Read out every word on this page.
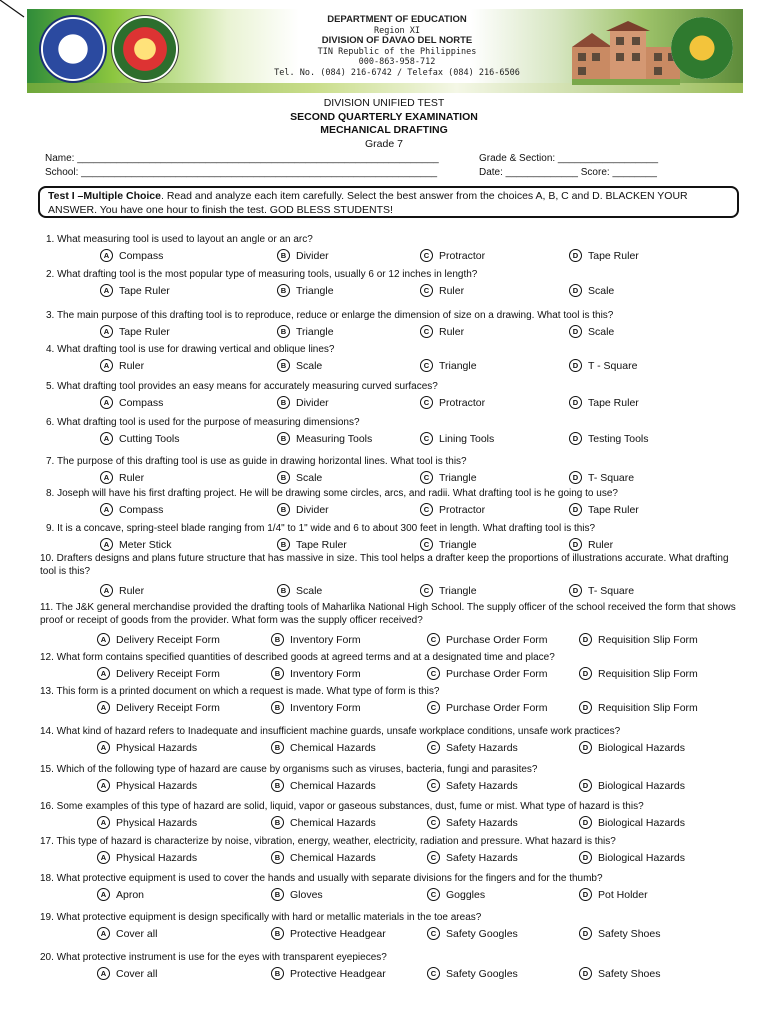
DEPARTMENT OF EDUCATION
Region XI
DIVISION OF DAVAO DEL NORTE
TIN Republic of the Philippines
000-863-958-712
Tel. No. (084) 216-6742 / Telefax (084) 216-6506
DIVISION UNIFIED TEST
SECOND QUARTERLY EXAMINATION
MECHANICAL DRAFTING
Grade 7
Name: _________________________________________________________________
School: ________________________________________________________________
Grade & Section: __________________
Date: _____________ Score: ________
Test I –Multiple Choice. Read and analyze each item carefully. Select the best answer from the choices A, B, C and D. BLACKEN YOUR ANSWER. You have one hour to finish the test. GOD BLESS STUDENTS!
1. What measuring tool is used to layout an angle or an arc?
A Compass	B Divider	C Protractor	D Tape Ruler
2. What drafting tool is the most popular type of measuring tools, usually 6 or 12 inches in length?
A Tape Ruler	B Triangle	C Ruler	D Scale
3. The main purpose of this drafting tool is to reproduce, reduce or enlarge the dimension of size on a drawing. What tool is this?
A Tape Ruler	B Triangle	C Ruler	D Scale
4. What drafting tool is use for drawing vertical and oblique lines?
A Ruler	B Scale	C Triangle	D T - Square
5. What drafting tool provides an easy means for accurately measuring curved surfaces?
A Compass	B Divider	C Protractor	D Tape Ruler
6. What drafting tool is used for the purpose of measuring dimensions?
A Cutting Tools	B Measuring Tools	C Lining Tools	D Testing Tools
7. The purpose of this drafting tool is use as guide in drawing horizontal lines. What tool is this?
A Ruler	B Scale	C Triangle	D T- Square
8. Joseph will have his first drafting project. He will be drawing some circles, arcs, and radii. What drafting tool is he going to use?
A Compass	B Divider	C Protractor	D Tape Ruler
9. It is a concave, spring-steel blade ranging from 1/4" to 1" wide and 6 to about 300 feet in length. What drafting tool is this?
A Meter Stick	B Tape Ruler	C Triangle	D Ruler
10. Drafters designs and plans future structure that has massive in size. This tool helps a drafter keep the proportions of illustrations accurate. What drafting tool is this?
A Ruler	B Scale	C Triangle	D T- Square
11. The J&K general merchandise provided the drafting tools of Maharlika National High School. The supply officer of the school received the form that shows proof or receipt of goods from the provider. What form was the supply officer received?
A Delivery Receipt Form	B Inventory Form	C Purchase Order Form	D Requisition Slip Form
12. What form contains specified quantities of described goods at agreed terms and at a designated time and place?
A Delivery Receipt Form	B Inventory Form	C Purchase Order Form	D Requisition Slip Form
13. This form is a printed document on which a request is made. What type of form is this?
A Delivery Receipt Form	B Inventory Form	C Purchase Order Form	D Requisition Slip Form
14. What kind of hazard refers to Inadequate and insufficient machine guards, unsafe workplace conditions, unsafe work practices?
A Physical Hazards	B Chemical Hazards	C Safety Hazards	D Biological Hazards
15. Which of the following type of hazard are cause by organisms such as viruses, bacteria, fungi and parasites?
A Physical Hazards	B Chemical Hazards	C Safety Hazards	D Biological Hazards
16. Some examples of this type of hazard are solid, liquid, vapor or gaseous substances, dust, fume or mist. What type of hazard is this?
A Physical Hazards	B Chemical Hazards	C Safety Hazards	D Biological Hazards
17. This type of hazard is characterize by noise, vibration, energy, weather, electricity, radiation and pressure. What hazard is this?
A Physical Hazards	B Chemical Hazards	C Safety Hazards	D Biological Hazards
18. What protective equipment is used to cover the hands and usually with separate divisions for the fingers and for the thumb?
A Apron	B Gloves	C Goggles	D Pot Holder
19. What protective equipment is design specifically with hard or metallic materials in the toe areas?
A Cover all	B Protective Headgear	C Safety Googles	D Safety Shoes
20. What protective instrument is use for the eyes with transparent eyepieces?
A Cover all	B Protective Headgear	C Safety Googles	D Safety Shoes
